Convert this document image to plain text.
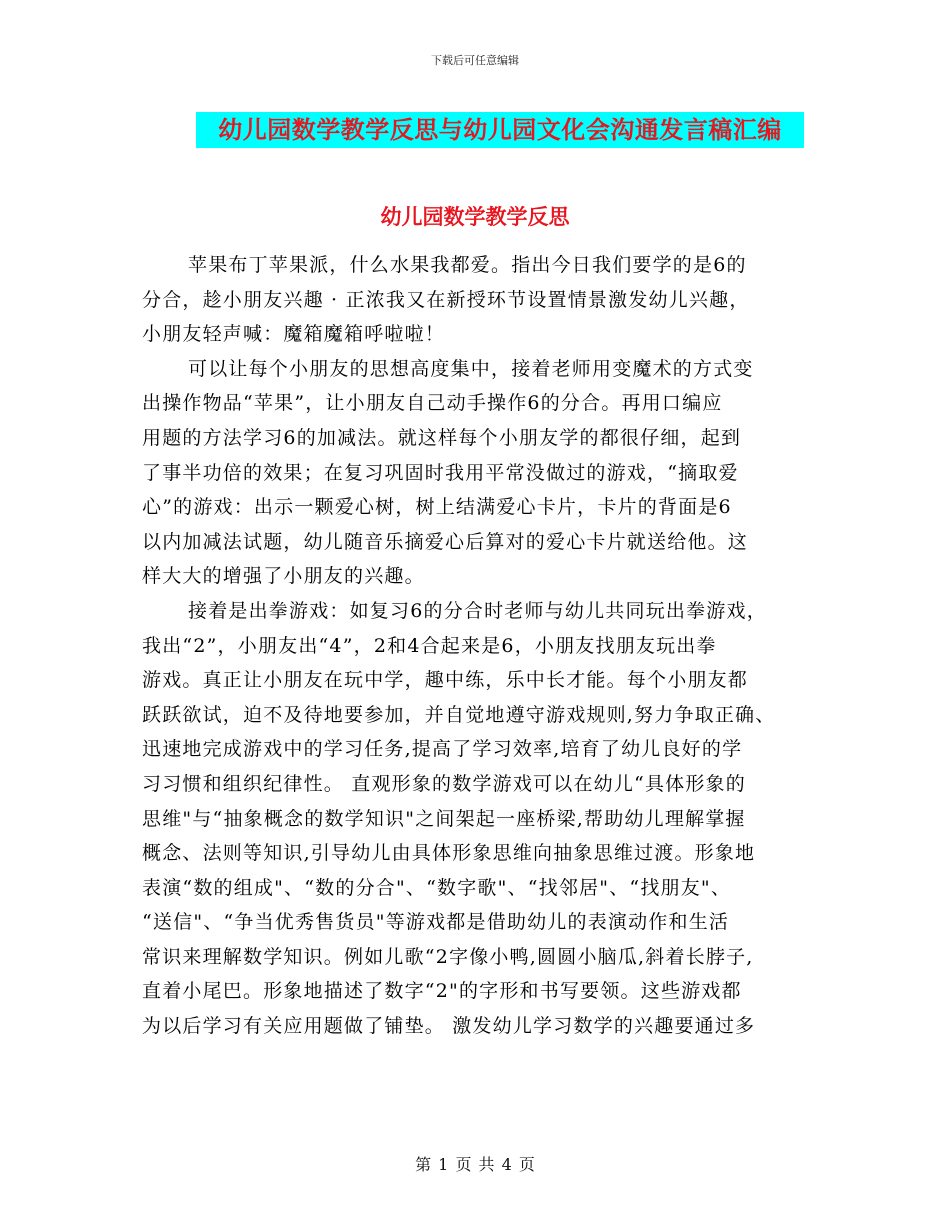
下载后可任意编辑
幼儿园数学教学反思与幼儿园文化会沟通发言稿汇编
幼儿园数学教学反思
苹果布丁苹果派，什么水果我都爱。指出今日我们要学的是6的
分合，趁小朋友兴趣 · 正浓我又在新授环节设置情景激发幼儿兴趣，
小朋友轻声喊：魔箱魔箱呼啦啦！
可以让每个小朋友的思想高度集中，接着老师用变魔术的方式变
出操作物品“苹果”，让小朋友自己动手操作6的分合。再用口编应
用题的方法学习6的加减法。就这样每个小朋友学的都很仔细，起到
了事半功倍的效果；在复习巩固时我用平常没做过的游戏，“摘取爱
心”的游戏：出示一颗爱心树，树上结满爱心卡片，卡片的背面是6
以内加减法试题，幼儿随音乐摘爱心后算对的爱心卡片就送给他。这
样大大的增强了小朋友的兴趣。
接着是出拳游戏：如复习6的分合时老师与幼儿共同玩出拳游戏，
我出“2”，小朋友出“4”，2和4合起来是6，小朋友找朋友玩出拳
游戏。真正让小朋友在玩中学，趣中练，乐中长才能。每个小朋友都
跃跃欲试，迫不及待地要参加，并自觉地遵守游戏规则,努力争取正确、
迅速地完成游戏中的学习任务,提高了学习效率,培育了幼儿良好的学
习习惯和组织纪律性。 直观形象的数学游戏可以在幼儿“具体形象的
思维"与“抽象概念的数学知识"之间架起一座桥梁,帮助幼儿理解掌握
概念、法则等知识,引导幼儿由具体形象思维向抽象思维过渡。形象地
表演“数的组成"、“数的分合"、“数字歌"、“找邻居"、“找朋友"、
“送信"、“争当优秀售货员"等游戏都是借助幼儿的表演动作和生活
常识来理解数学知识。例如儿歌“2字像小鸭,圆圆小脑瓜,斜着长脖子,
直着小尾巴。形象地描述了数字“2"的字形和书写要领。这些游戏都
为以后学习有关应用题做了铺垫。 激发幼儿学习数学的兴趣要通过多
第 1 页 共 4 页
